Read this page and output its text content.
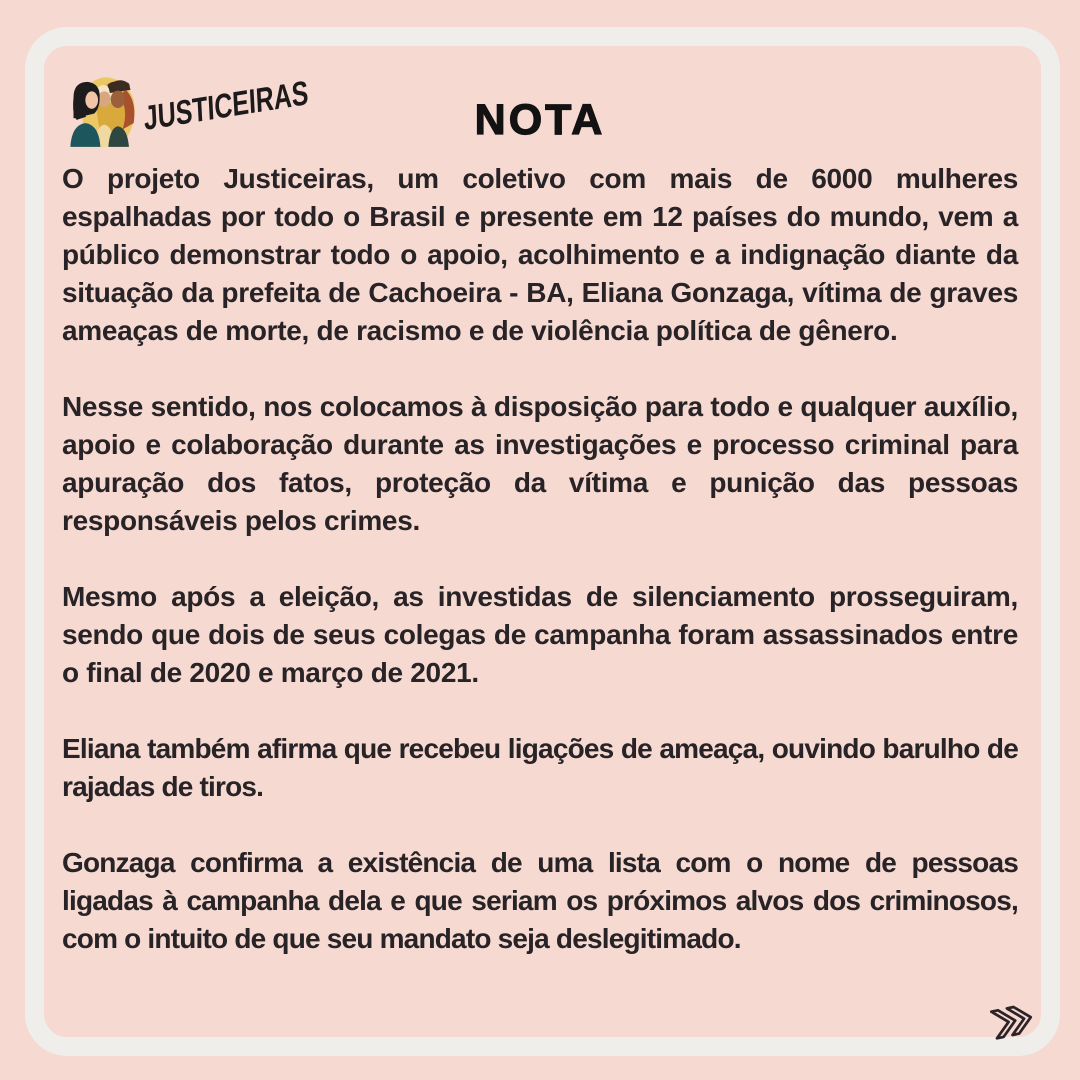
JUSTICEIRAS	NOTA

O projeto Justiceiras, um coletivo com mais de 6000 mulheres espalhadas por todo o Brasil e presente em 12 países do mundo, vem a público demonstrar todo o apoio, acolhimento e a indignação diante da situação da prefeita de Cachoeira - BA, Eliana Gonzaga, vítima de graves ameaças de morte, de racismo e de violência política de gênero.

Nesse sentido, nos colocamos à disposição para todo e qualquer auxílio, apoio e colaboração durante as investigações e processo criminal para apuração dos fatos, proteção da vítima e punição das pessoas responsáveis pelos crimes.

Mesmo após a eleição, as investidas de silenciamento prosseguiram, sendo que dois de seus colegas de campanha foram assassinados entre o final de 2020 e março de 2021.

Eliana também afirma que recebeu ligações de ameaça, ouvindo barulho de rajadas de tiros.

Gonzaga confirma a existência de uma lista com o nome de pessoas ligadas à campanha dela e que seriam os próximos alvos dos criminosos, com o intuito de que seu mandato seja deslegitimado.
